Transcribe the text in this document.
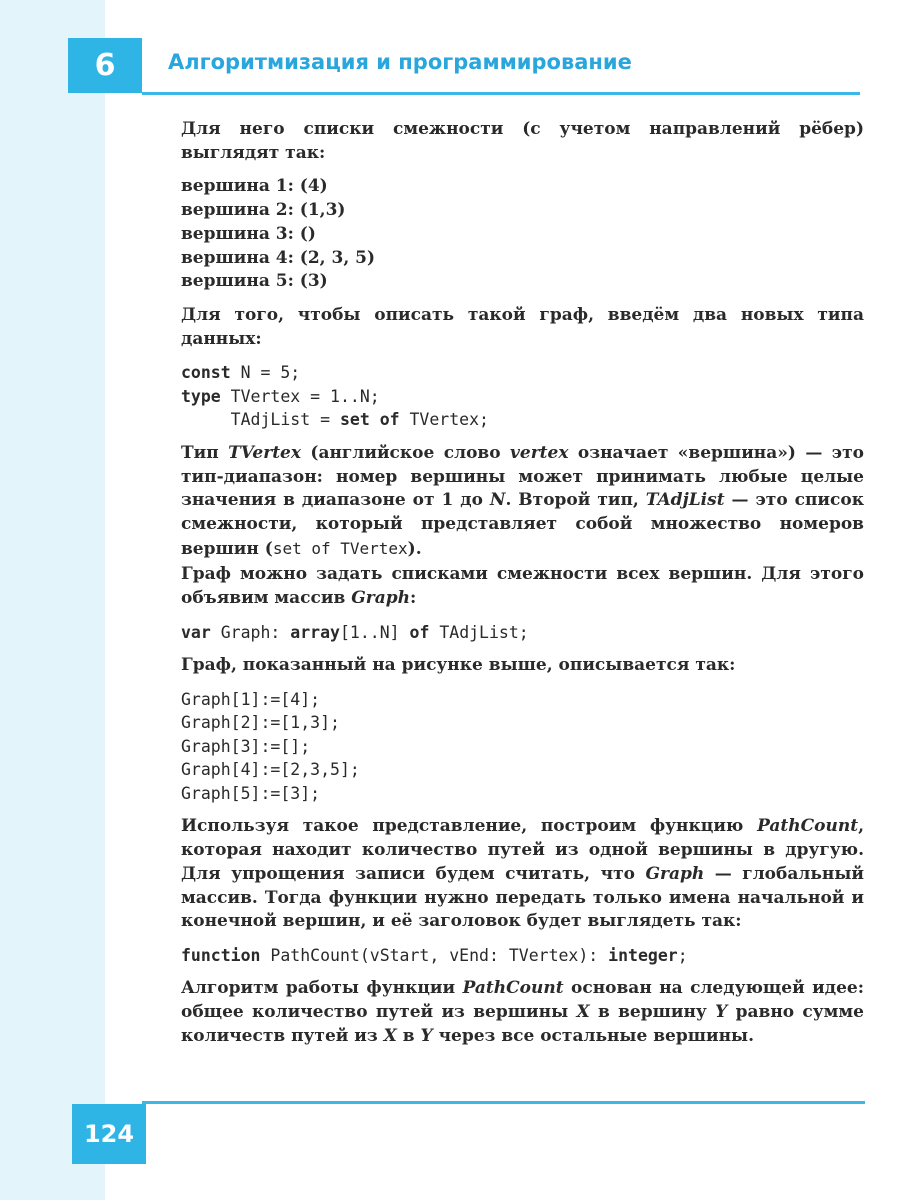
6	Алгоритмизация и программирование

Для него списки смежности (с учетом направлений рёбер) выглядят так:

вершина 1: (4)
вершина 2: (1,3)
вершина 3: ()
вершина 4: (2, 3, 5)
вершина 5: (3)

Для того, чтобы описать такой граф, введём два новых типа данных:

const N = 5;
type TVertex = 1..N;
TAdjList = set of TVertex;

Тип TVertex (английское слово vertex означает «вершина») — это тип-диапазон: номер вершины может принимать любые целые значения в диапазоне от 1 до N. Второй тип, TAdjList — это список смежности, который представляет собой множество номеров вершин (set of TVertex).

Граф можно задать списками смежности всех вершин. Для этого объявим массив Graph:

var Graph: array[1..N] of TAdjList;

Граф, показанный на рисунке выше, описывается так:

Graph[1]:=[4];
Graph[2]:=[1,3];
Graph[3]:=[];
Graph[4]:=[2,3,5];
Graph[5]:=[3];

Используя такое представление, построим функцию PathCount, которая находит количество путей из одной вершины в другую. Для упрощения записи будем считать, что Graph — глобальный массив. Тогда функции нужно передать только имена начальной и конечной вершин, и её заголовок будет выглядеть так:

function PathCount(vStart, vEnd: TVertex): integer;

Алгоритм работы функции PathCount основан на следующей идее: общее количество путей из вершины X в вершину Y равно сумме количеств путей из X в Y через все остальные вершины.

124
